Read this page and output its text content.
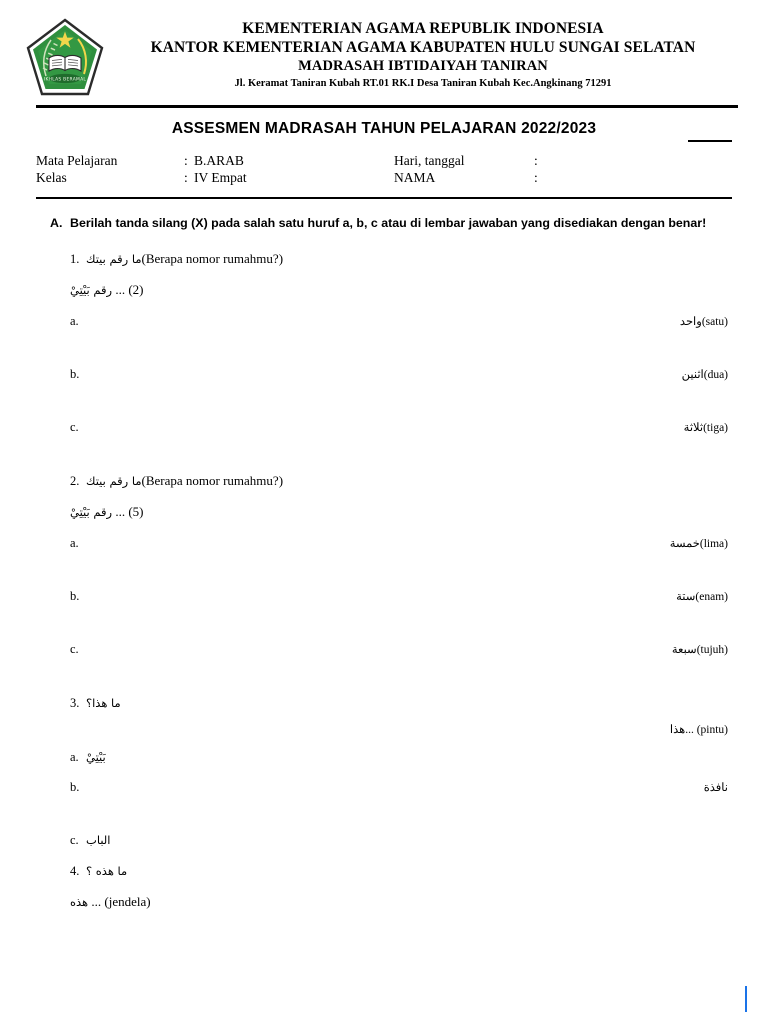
IKHLAS BERAMAL
KEMENTERIAN AGAMA REPUBLIK INDONESIA
KANTOR KEMENTERIAN AGAMA KABUPATEN HULU SUNGAI SELATAN
MADRASAH IBTIDAIYAH TANIRAN
Jl. Keramat Taniran Kubah RT.01 RK.I Desa Taniran Kubah Kec.Angkinang 71291
ASSESMEN MADRASAH TAHUN PELAJARAN 2022/2023
Mata Pelajaran	: B.ARAB	Hari, tanggal	:
Kelas	: IV Empat	NAMA	:
A. Berilah tanda silang (X) pada salah satu huruf a, b, c atau di lembar jawaban yang disediakan dengan benar!
1. ما رقم بيتك(Berapa nomor rumahmu?)
رقم بَيْتِيْ ... (2)
a.	واحد(satu)
b.	اثنين(dua)
c.	ثلاثة(tiga)
2. ما رقم بيتك(Berapa nomor rumahmu?)
رقم بَيْتِيْ ... (5)
a.	خمسة(lima)
b.	ستة(enam)
c.	سبعة(tujuh)
3. ما هذا؟
هذا... (pintu)
a. بَيْتِيْ
b.	نافذة
c. الباب
4. ما هذه ؟
هذه ... (jendela)
